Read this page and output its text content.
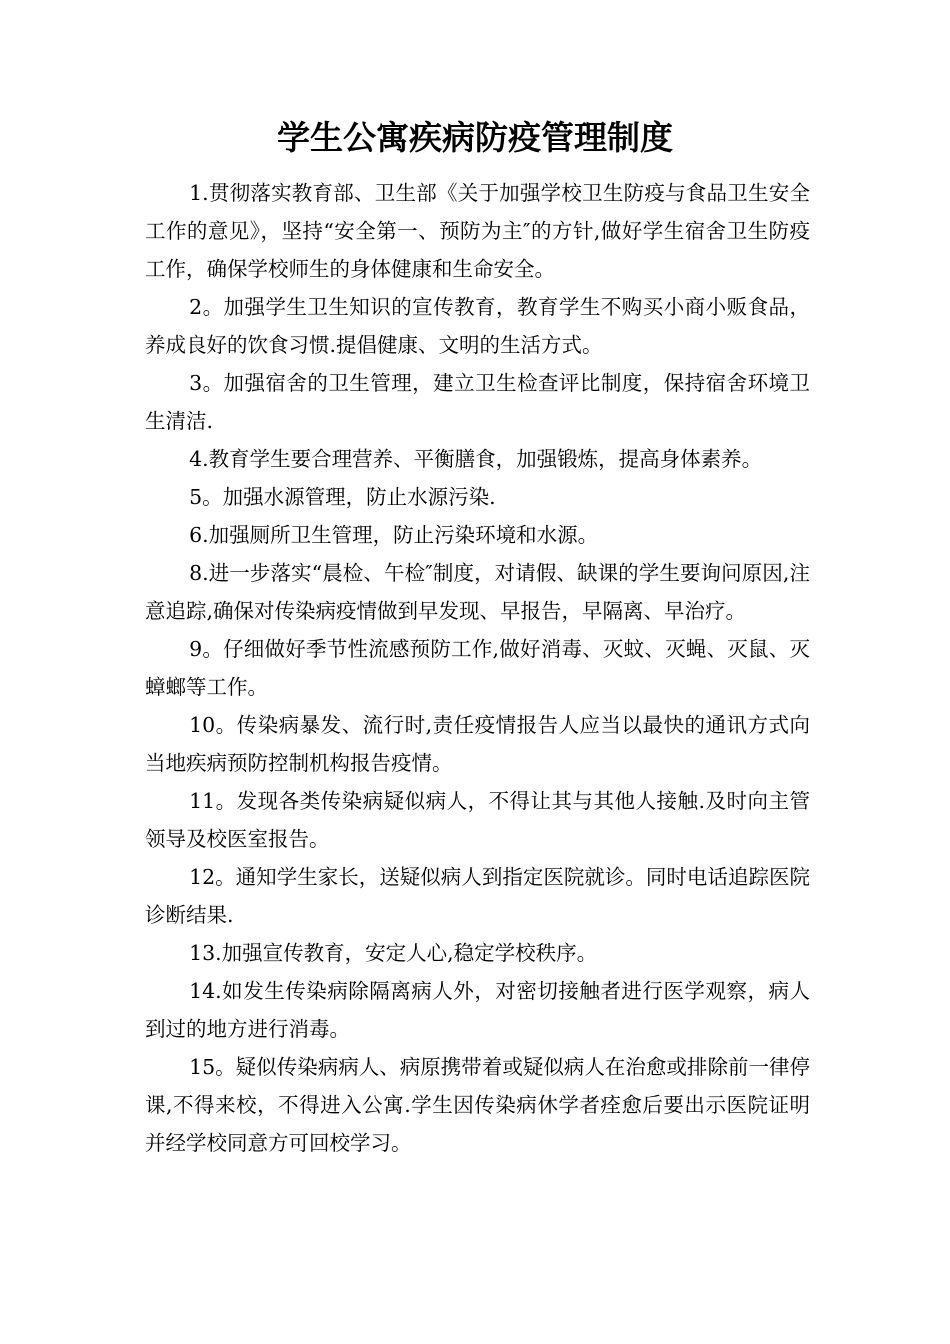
学生公寓疾病防疫管理制度

1.贯彻落实教育部、卫生部《关于加强学校卫生防疫与食品卫生安全工作的意见》，坚持“安全第一、预防为主″的方针,做好学生宿舍卫生防疫工作，确保学校师生的身体健康和生命安全。

2。加强学生卫生知识的宣传教育，教育学生不购买小商小贩食品，养成良好的饮食习惯.提倡健康、文明的生活方式。

3。加强宿舍的卫生管理，建立卫生检查评比制度，保持宿舍环境卫生清洁.

4.教育学生要合理营养、平衡膳食，加强锻炼，提高身体素养。

5。加强水源管理，防止水源污染.

6.加强厕所卫生管理，防止污染环境和水源。

8.进一步落实“晨检、午检″制度，对请假、缺课的学生要询问原因,注意追踪,确保对传染病疫情做到早发现、早报告，早隔离、早治疗。

9。仔细做好季节性流感预防工作,做好消毒、灭蚊、灭蝇、灭鼠、灭蟑螂等工作。

10。传染病暴发、流行时,责任疫情报告人应当以最快的通讯方式向当地疾病预防控制机构报告疫情。

11。发现各类传染病疑似病人，不得让其与其他人接触.及时向主管领导及校医室报告。

12。通知学生家长，送疑似病人到指定医院就诊。同时电话追踪医院诊断结果.

13.加强宣传教育，安定人心,稳定学校秩序。

14.如发生传染病除隔离病人外，对密切接触者进行医学观察，病人到过的地方进行消毒。

15。疑似传染病病人、病原携带着或疑似病人在治愈或排除前一律停课,不得来校，不得进入公寓.学生因传染病休学者痊愈后要出示医院证明并经学校同意方可回校学习。
